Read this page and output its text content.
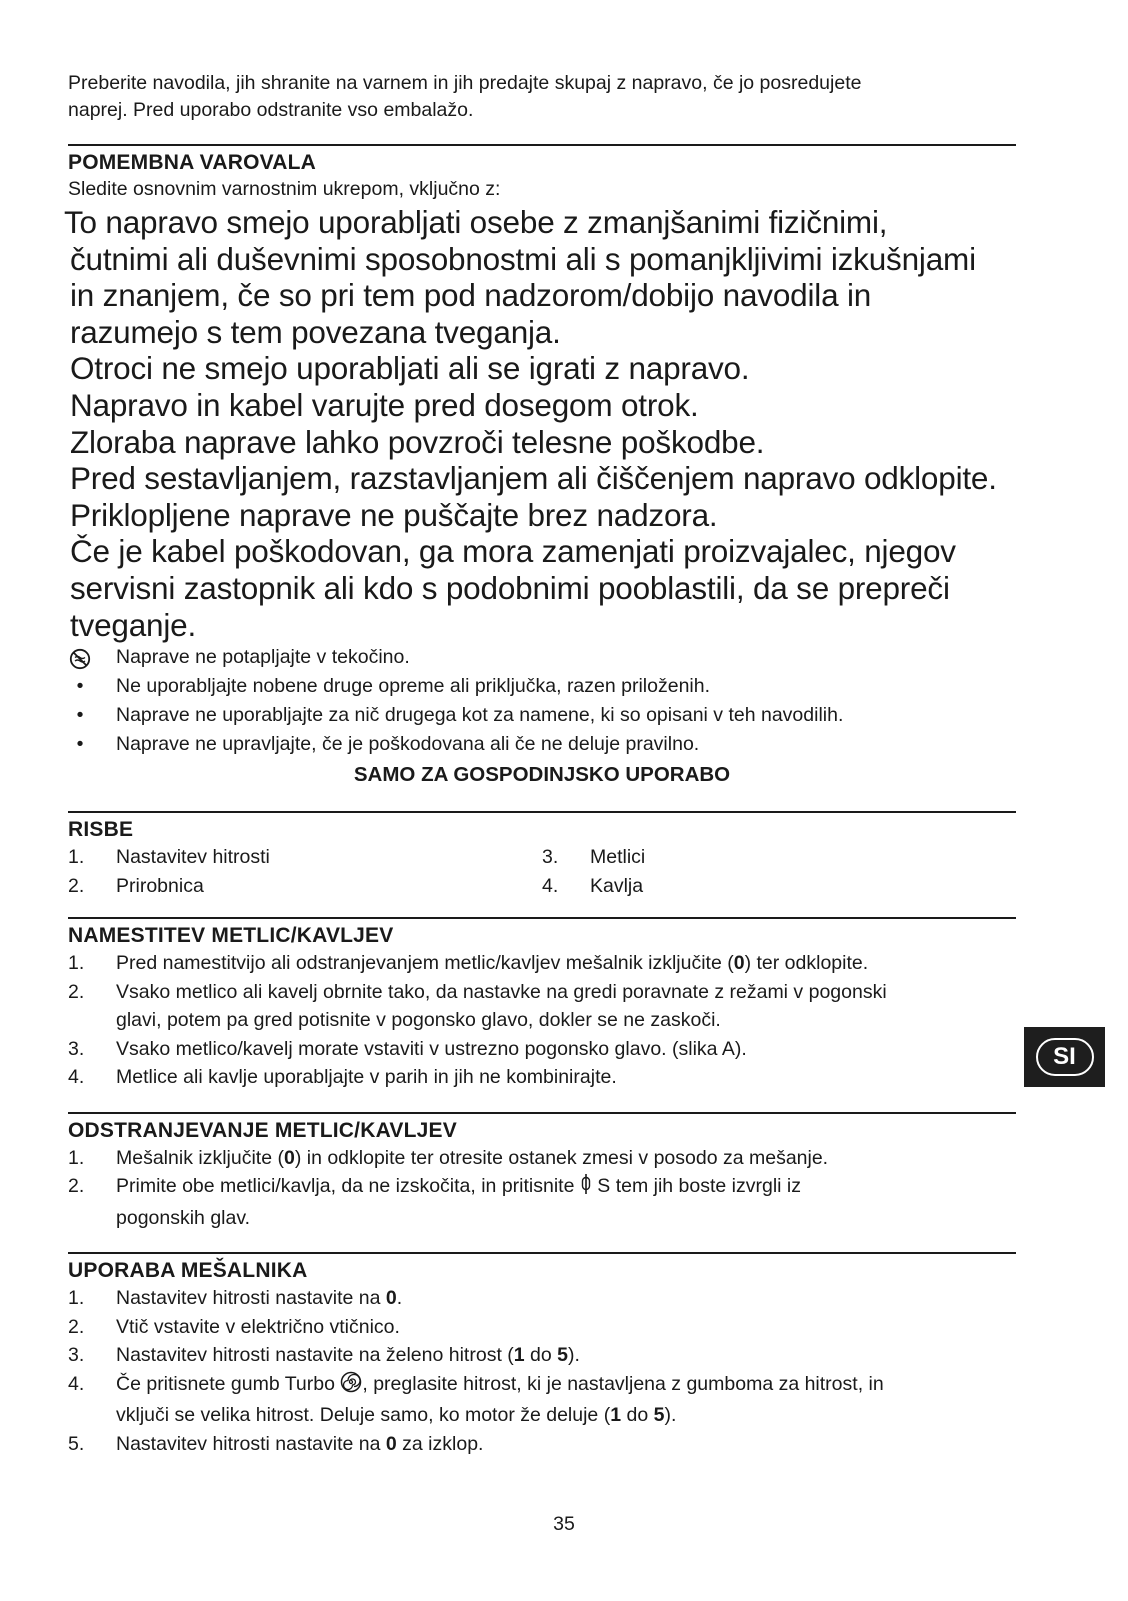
Preberite navodila, jih shranite na varnem in jih predajte skupaj z napravo, če jo posredujete
naprej. Pred uporabo odstranite vso embalažo.

POMEMBNA VAROVALA

Sledite osnovnim varnostnim ukrepom, vključno z:

To napravo smejo uporabljati osebe z zmanjšanimi fizičnimi,

čutnimi ali duševnimi sposobnostmi ali s pomanjkljivimi izkušnjami

in znanjem, če so pri tem pod nadzorom/dobijo navodila in

razumejo s tem povezana tveganja.

Otroci ne smejo uporabljati ali se igrati z napravo.

Napravo in kabel varujte pred dosegom otrok.

Zloraba naprave lahko povzroči telesne poškodbe.

Pred sestavljanjem, razstavljanjem ali čiščenjem napravo odklopite.

Priklopljene naprave ne puščajte brez nadzora.

Če je kabel poškodovan, ga mora zamenjati proizvajalec, njegov

servisni zastopnik ali kdo s podobnimi pooblastili, da se prepreči

tveganje.

Naprave ne potapljajte v tekočino.
•	Ne uporabljajte nobene druge opreme ali priključka, razen priloženih.
•	Naprave ne uporabljajte za nič drugega kot za namene, ki so opisani v teh navodilih.
•	Naprave ne upravljajte, če je poškodovana ali če ne deluje pravilno.

SAMO ZA GOSPODINJSKO UPORABO

RISBE

1. Nastavitev hitrosti
2. Prirobnica
3. Metlici
4. Kavlja

NAMESTITEV METLIC/KAVLJEV

1. Pred namestitvijo ali odstranjevanjem metlic/kavljev mešalnik izključite (0) ter odklopite.
2. Vsako metlico ali kavelj obrnite tako, da nastavke na gredi poravnate z režami v pogonski
glavi, potem pa gred potisnite v pogonsko glavo, dokler se ne zaskoči.
3. Vsako metlico/kavelj morate vstaviti v ustrezno pogonsko glavo. (slika A).
4. Metlice ali kavlje uporabljajte v parih in jih ne kombinirajte.

ODSTRANJEVANJE METLIC/KAVLJEV

1. Mešalnik izključite (0) in odklopite ter otresite ostanek zmesi v posodo za mešanje.
2. Primite obe metlici/kavlja, da ne izskočita, in pritisnite  S tem jih boste izvrgli iz
pogonskih glav.

UPORABA MEŠALNIKA

1. Nastavitev hitrosti nastavite na 0.
2. Vtič vstavite v električno vtičnico.
3. Nastavitev hitrosti nastavite na želeno hitrost (1 do 5).
4. Če pritisnete gumb Turbo , preglasite hitrost, ki je nastavljena z gumboma za hitrost, in
vključi se velika hitrost. Deluje samo, ko motor že deluje (1 do 5).
5. Nastavitev hitrosti nastavite na 0 za izklop.
SI
35
